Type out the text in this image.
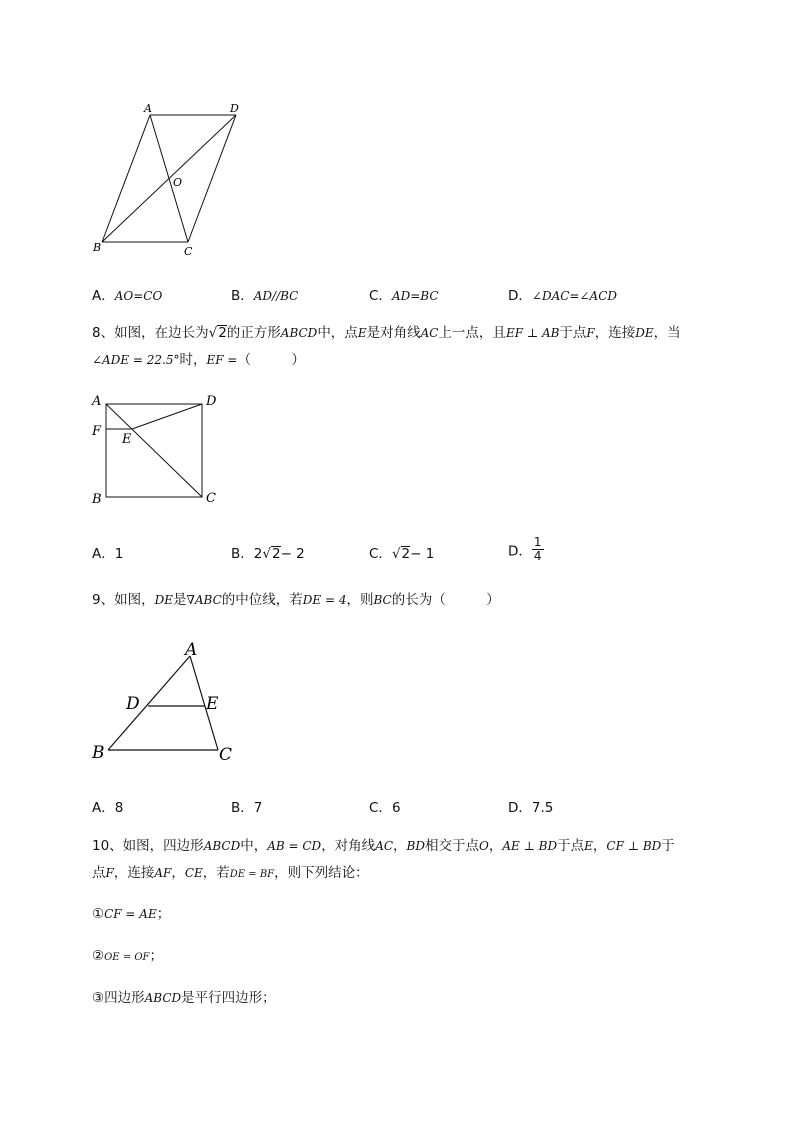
A	D
O
B	C
A．AO=CO	B．AD//BC	C．AD=BC	D．∠DAC=∠ACD
8、如图，在边长为√2的正方形ABCD中，点E是对角线AC上一点，且EF ⊥ AB于点F，连接DE，当
∠ADE = 22.5°时，EF =（　　　）
A	D
F
E
B	C
A．1	B．2√2− 2	C．√2− 1	D． $\frac{1}{4}$
9、如图，DE是∇ABC的中位线，若DE = 4，则BC的长为（　　　）
A
D	E
B	C
A．8	B．7	C．6	D．7.5
10、如图，四边形ABCD中，AB = CD，对角线AC，BD相交于点O，AE ⊥ BD于点E，CF ⊥ BD于
点F，连接AF，CE，若DE = BF，则下列结论：
①CF = AE；
②OE = OF；
③四边形ABCD是平行四边形；
